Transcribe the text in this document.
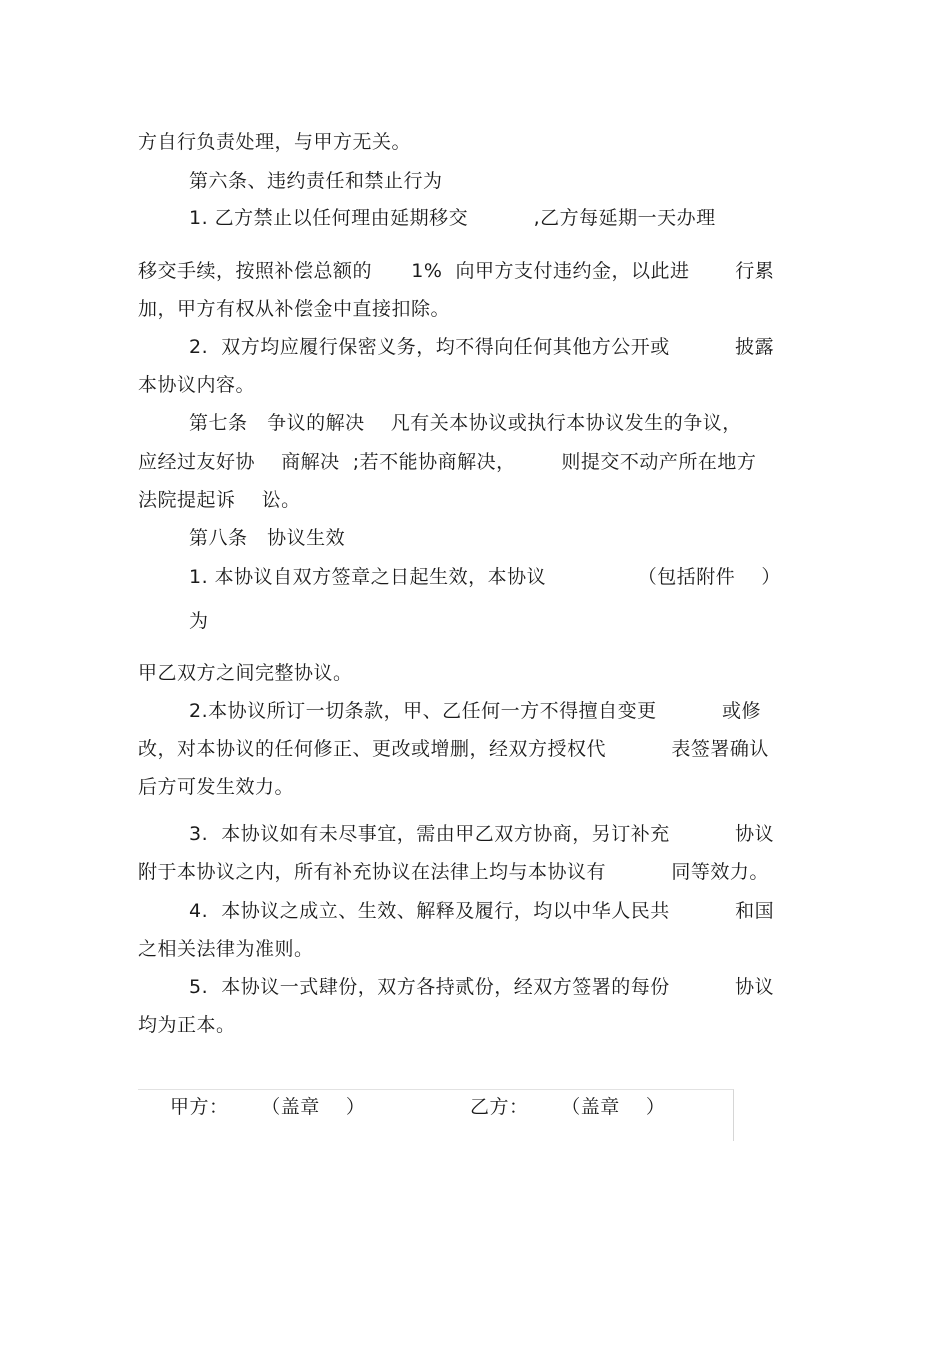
方自行负责处理，与甲方无关。
第六条、违约责任和禁止行为
1. 乙方禁止以任何理由延期移交          ,乙方每延期一天办理
移交手续，按照补偿总额的      1%  向甲方支付违约金，以此进       行累
加，甲方有权从补偿金中直接扣除。
2.  双方均应履行保密义务，均不得向任何其他方公开或          披露
本协议内容。
第七条   争议的解决    凡有关本协议或执行本协议发生的争议，
应经过友好协    商解决  ;若不能协商解决，       则提交不动产所在地方
法院提起诉    讼。
第八条   协议生效
1. 本协议自双方签章之日起生效，本协议              （包括附件    ）
为
甲乙双方之间完整协议。
2.本协议所订一切条款，甲、乙任何一方不得擅自变更          或修
改，对本协议的任何修正、更改或增删，经双方授权代          表签署确认
后方可发生效力。
3.  本协议如有未尽事宜，需由甲乙双方协商，另订补充          协议
附于本协议之内，所有补充协议在法律上均与本协议有          同等效力。
4.  本协议之成立、生效、解释及履行，均以中华人民共          和国
之相关法律为准则。
5.  本协议一式肆份，双方各持贰份，经双方签署的每份          协议
均为正本。
甲方：     （盖章    ）	乙方：     （盖章    ）
